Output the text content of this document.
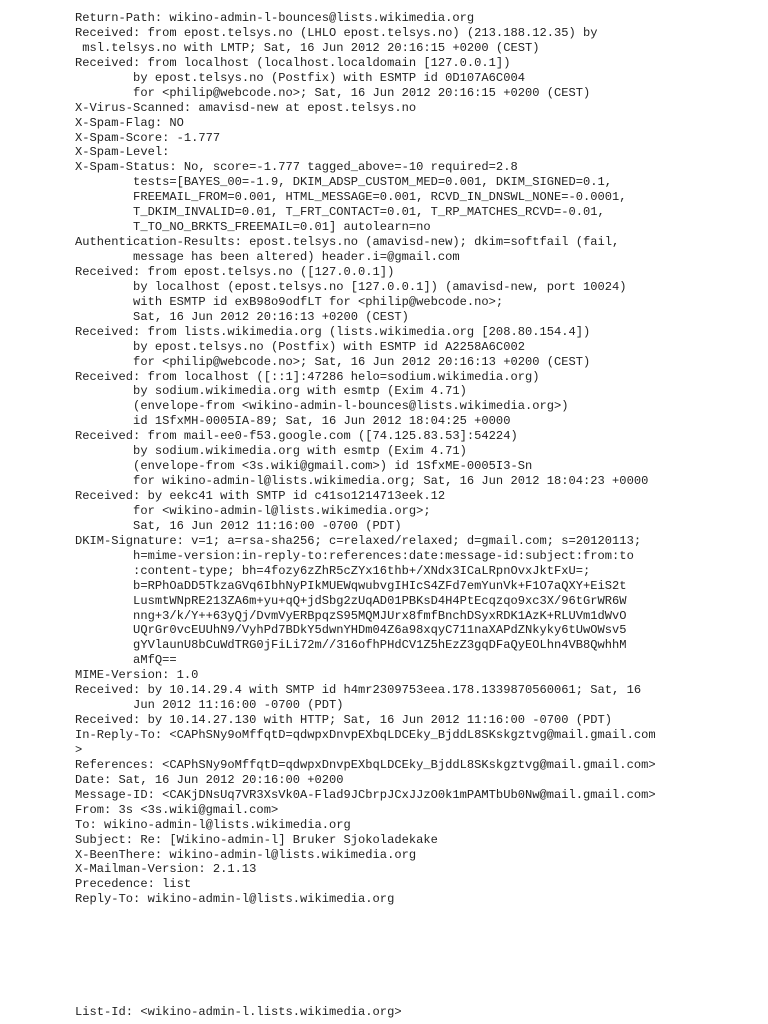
Return-Path: wikino-admin-l-bounces@lists.wikimedia.org
Received: from epost.telsys.no (LHLO epost.telsys.no) (213.188.12.35) by
msl.telsys.no with LMTP; Sat, 16 Jun 2012 20:16:15 +0200 (CEST)
Received: from localhost (localhost.localdomain [127.0.0.1])
by epost.telsys.no (Postfix) with ESMTP id 0D107A6C004
for <philip@webcode.no>; Sat, 16 Jun 2012 20:16:15 +0200 (CEST)
X-Virus-Scanned: amavisd-new at epost.telsys.no
X-Spam-Flag: NO
X-Spam-Score: -1.777
X-Spam-Level:
X-Spam-Status: No, score=-1.777 tagged_above=-10 required=2.8
tests=[BAYES_00=-1.9, DKIM_ADSP_CUSTOM_MED=0.001, DKIM_SIGNED=0.1,
FREEMAIL_FROM=0.001, HTML_MESSAGE=0.001, RCVD_IN_DNSWL_NONE=-0.0001,
T_DKIM_INVALID=0.01, T_FRT_CONTACT=0.01, T_RP_MATCHES_RCVD=-0.01,
T_TO_NO_BRKTS_FREEMAIL=0.01] autolearn=no
Authentication-Results: epost.telsys.no (amavisd-new); dkim=softfail (fail,
message has been altered) header.i=@gmail.com
Received: from epost.telsys.no ([127.0.0.1])
by localhost (epost.telsys.no [127.0.0.1]) (amavisd-new, port 10024)
with ESMTP id exB98o9odfLT for <philip@webcode.no>;
Sat, 16 Jun 2012 20:16:13 +0200 (CEST)
Received: from lists.wikimedia.org (lists.wikimedia.org [208.80.154.4])
by epost.telsys.no (Postfix) with ESMTP id A2258A6C002
for <philip@webcode.no>; Sat, 16 Jun 2012 20:16:13 +0200 (CEST)
Received: from localhost ([::1]:47286 helo=sodium.wikimedia.org)
by sodium.wikimedia.org with esmtp (Exim 4.71)
(envelope-from <wikino-admin-l-bounces@lists.wikimedia.org>)
id 1SfxMH-0005IA-89; Sat, 16 Jun 2012 18:04:25 +0000
Received: from mail-ee0-f53.google.com ([74.125.83.53]:54224)
by sodium.wikimedia.org with esmtp (Exim 4.71)
(envelope-from <3s.wiki@gmail.com>) id 1SfxME-0005I3-Sn
for wikino-admin-l@lists.wikimedia.org; Sat, 16 Jun 2012 18:04:23 +0000
Received: by eekc41 with SMTP id c41so1214713eek.12
for <wikino-admin-l@lists.wikimedia.org>;
Sat, 16 Jun 2012 11:16:00 -0700 (PDT)
DKIM-Signature: v=1; a=rsa-sha256; c=relaxed/relaxed; d=gmail.com; s=20120113;
h=mime-version:in-reply-to:references:date:message-id:subject:from:to
:content-type; bh=4fozy6zZhR5cZYx16thb+/XNdx3ICaLRpnOvxJktFxU=;
b=RPhOaDD5TkzaGVq6IbhNyPIkMUEWqwubvgIHIcS4ZFd7emYunVk+F1O7aQXY+EiS2t
LusmtWNpRE213ZA6m+yu+qQ+jdSbg2zUqAD01PBKsD4H4PtEcqzqo9xc3X/96tGrWR6W
nng+3/k/Y++63yQj/DvmVyERBpqzS95MQMJUrx8fmfBnchDSyxRDK1AzK+RLUVm1dWvO
UQrGr0vcEUUhN9/VyhPd7BDkY5dwnYHDm04Z6a98xqyC711naXAPdZNkyky6tUwOWsv5
gYVlaunU8bCuWdTRG0jFiLi72m//316ofhPHdCV1Z5hEzZ3gqDFaQyEOLhn4VB8QwhhM
aMfQ==
MIME-Version: 1.0
Received: by 10.14.29.4 with SMTP id h4mr2309753eea.178.1339870560061; Sat, 16
Jun 2012 11:16:00 -0700 (PDT)
Received: by 10.14.27.130 with HTTP; Sat, 16 Jun 2012 11:16:00 -0700 (PDT)
In-Reply-To: <CAPhSNy9oMffqtD=qdwpxDnvpEXbqLDCEky_BjddL8SKskgztvg@mail.gmail.com
>
References: <CAPhSNy9oMffqtD=qdwpxDnvpEXbqLDCEky_BjddL8SKskgztvg@mail.gmail.com>
Date: Sat, 16 Jun 2012 20:16:00 +0200
Message-ID: <CAKjDNsUq7VR3XsVk0A-Flad9JCbrpJCxJJzO0k1mPAMTbUb0Nw@mail.gmail.com>
From: 3s <3s.wiki@gmail.com>
To: wikino-admin-l@lists.wikimedia.org
Subject: Re: [Wikino-admin-l] Bruker Sjokoladekake
X-BeenThere: wikino-admin-l@lists.wikimedia.org
X-Mailman-Version: 2.1.13
Precedence: list
Reply-To: wikino-admin-l@lists.wikimedia.org
List-Id: <wikino-admin-l.lists.wikimedia.org>
